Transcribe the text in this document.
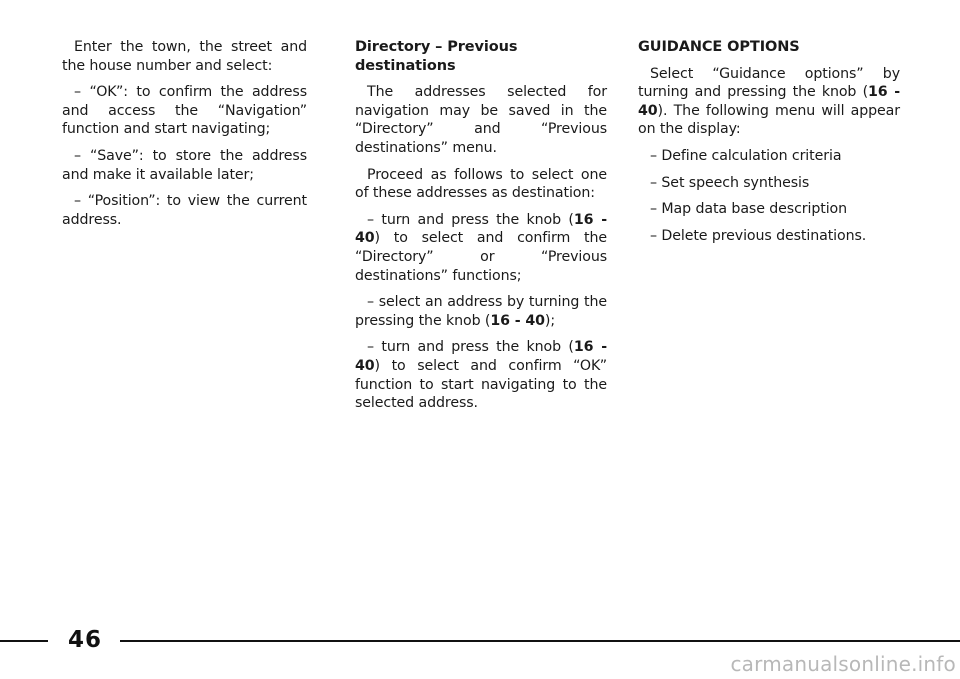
Enter the town, the street and the house number and select:

– “OK”: to confirm the address and access the “Navigation” function and start navigating;

– “Save”: to store the address and make it available later;

– “Position”: to view the current address.

Directory – Previous destinations

The addresses selected for navigation may be saved in the “Directory” and “Previous destinations” menu.

Proceed as follows to select one of these addresses as destination:

– turn and press the knob (16 - 40) to select and confirm the “Directory” or “Previous destinations” functions;

– select an address by turning the pressing the knob (16 - 40);

– turn and press the knob (16 - 40) to select and confirm “OK” function to start navigating to the selected address.

GUIDANCE OPTIONS

Select “Guidance options” by turning and pressing the knob (16 - 40). The following menu will appear on the display:

– Define calculation criteria
– Set speech synthesis
– Map data base description
– Delete previous destinations.
46
carmanualsonline.info
